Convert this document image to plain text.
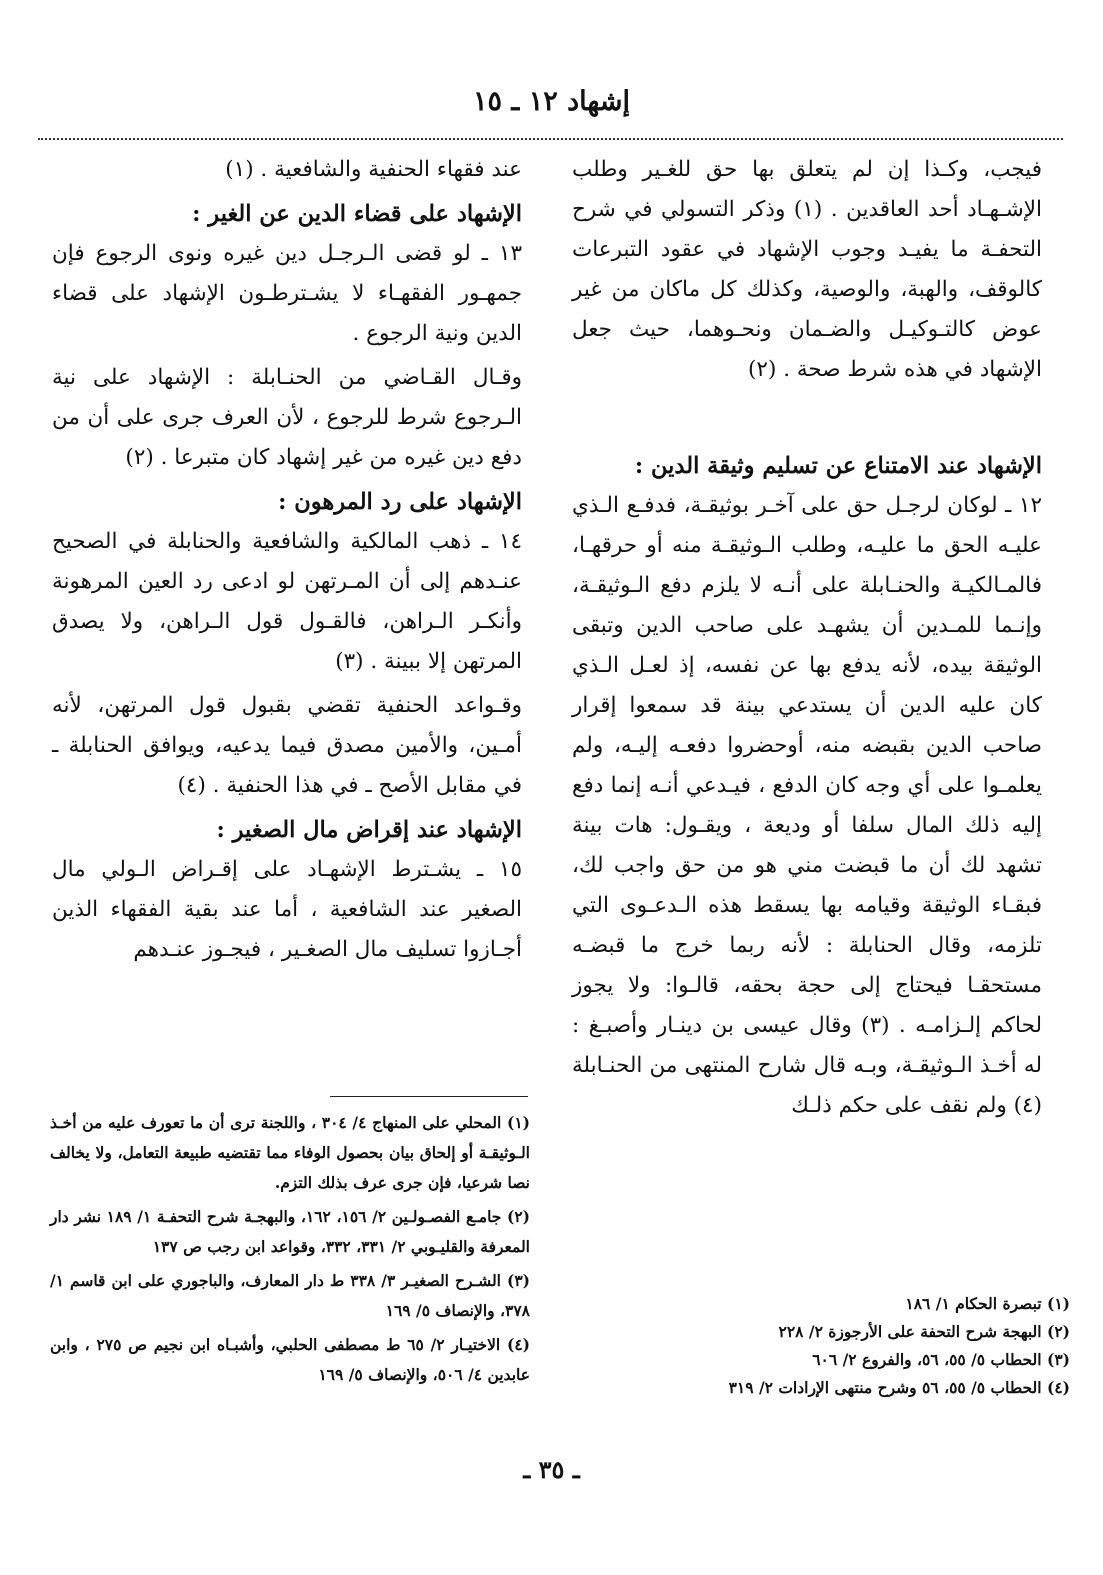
إشهاد ١٢ ـ ١٥

فيجب، وكـذا إن لم يتعلق بها حق للغـير وطلب الإشـهـاد أحد العاقدين . (١) وذكر التسولي في شرح التحفـة ما يفيـد وجوب الإشهاد في عقود التبرعات كالوقف، والهبة، والوصية، وكذلك كل ماكان من غير عوض كالتـوكيـل والضـمان ونحـوهما، حيث جعل الإشهاد في هذه شرط صحة . (٢)

الإشهاد عند الامتناع عن تسليم وثيقة الدين :

١٢ ـ لوكان لرجـل حق على آخـر بوثيقـة، فدفـع الـذي عليـه الحق ما عليـه، وطلب الـوثيقـة منه أو حرقهـا، فالمـالكيـة والحنـابلة على أنـه لا يلزم دفع الـوثيقـة، وإنـما للمـدين أن يشهـد على صاحب الدين وتبقى الوثيقة بيده، لأنه يدفع بها عن نفسه، إذ لعـل الـذي كان عليه الدين أن يستدعي بينة قد سمعوا إقرار صاحب الدين بقبضه منه، أوحضروا دفعـه إليـه، ولم يعلمـوا على أي وجه كان الدفع ، فيـدعي أنـه إنما دفع إليه ذلك المال سلفا أو وديعة ، ويقـول: هات بينة تشهد لك أن ما قبضت مني هو من حق واجب لك، فبقـاء الوثيقة وقيامه بها يسقط هذه الـدعـوى التي تلزمه، وقال الحنابلة : لأنه ربما خرج ما قبضـه مستحقـا فيحتاج إلى حجة بحقه، قالـوا: ولا يجوز لحاكم إلـزامـه . (٣) وقال عيسى بن دينـار وأصبـغ : له أخـذ الـوثيقـة، وبـه قال شارح المنتهى من الحنـابلة (٤) ولم نقف على حكم ذلـك

عند فقهاء الحنفية والشافعية . (١)

الإشهاد على قضاء الدين عن الغير :

١٣ ـ لو قضى الـرجـل دين غيره ونوى الرجوع فإن جمهـور الفقهـاء لا يشـترطـون الإشهاد على قضاء الدين ونية الرجوع .

وقـال القـاضي من الحنـابلة : الإشهاد على نية الـرجوع شرط للرجوع ، لأن العرف جرى على أن من دفع دين غيره من غير إشهاد كان متبرعا . (٢)

الإشهاد على رد المرهون :

١٤ ـ ذهب المالكية والشافعية والحنابلة في الصحيح عنـدهم إلى أن المـرتهن لو ادعى رد العين المرهونة وأنكـر الـراهن، فالقـول قول الـراهن، ولا يصدق المرتهن إلا ببينة . (٣)

وقـواعد الحنفية تقضي بقبول قول المرتهن، لأنه أمـين، والأمين مصدق فيما يدعيه، ويوافق الحنابلة ـ في مقابل الأصح ـ في هذا الحنفية . (٤)

الإشهاد عند إقراض مال الصغير :

١٥ ـ يشـترط الإشهـاد على إقـراض الـولي مال الصغير عند الشافعية ، أما عند بقية الفقهاء الذين أجـازوا تسليف مال الصغـير ، فيجـوز عنـدهم

(١) المحلي على المنهاج ٤/ ٣٠٤ ، واللجنة ترى أن ما تعورف عليه من أخـذ الـوثيقـة أو إلحاق بيان بحصول الوفاء مما تقتضيه طبيعة التعامل، ولا يخالف نصا شرعيا، فإن جرى عرف بذلك التزم.

(٢) جامـع الفصـولـين ٢/ ١٥٦، ١٦٢، والبهجـة شرح التحفـة ١/ ١٨٩ نشر دار المعرفة والقليـوبي ٢/ ٣٣١، ٣٣٢، وقواعد ابن رجب ص ١٣٧

(٣) الشـرح الصغيـر ٣/ ٣٣٨ ط دار المعارف، والباجوري على ابن قاسم ١/ ٣٧٨، والإنصاف ٥/ ١٦٩

(٤) الاختيـار ٢/ ٦٥ ط مصطفى الحلبي، وأشبـاه ابن نجيم ص ٢٧٥ ، وابن عابدين ٤/ ٥٠٦، والإنصاف ٥/ ١٦٩

(١) تبصرة الحكام ١/ ١٨٦

(٢) البهجة شرح التحفة على الأرجوزة ٢/ ٢٢٨

(٣) الحطاب ٥/ ٥٥، ٥٦، والفروع ٢/ ٦٠٦

(٤) الحطاب ٥/ ٥٥، ٥٦ وشرح منتهى الإرادات ٢/ ٣١٩

ـ ٣٥ ـ
